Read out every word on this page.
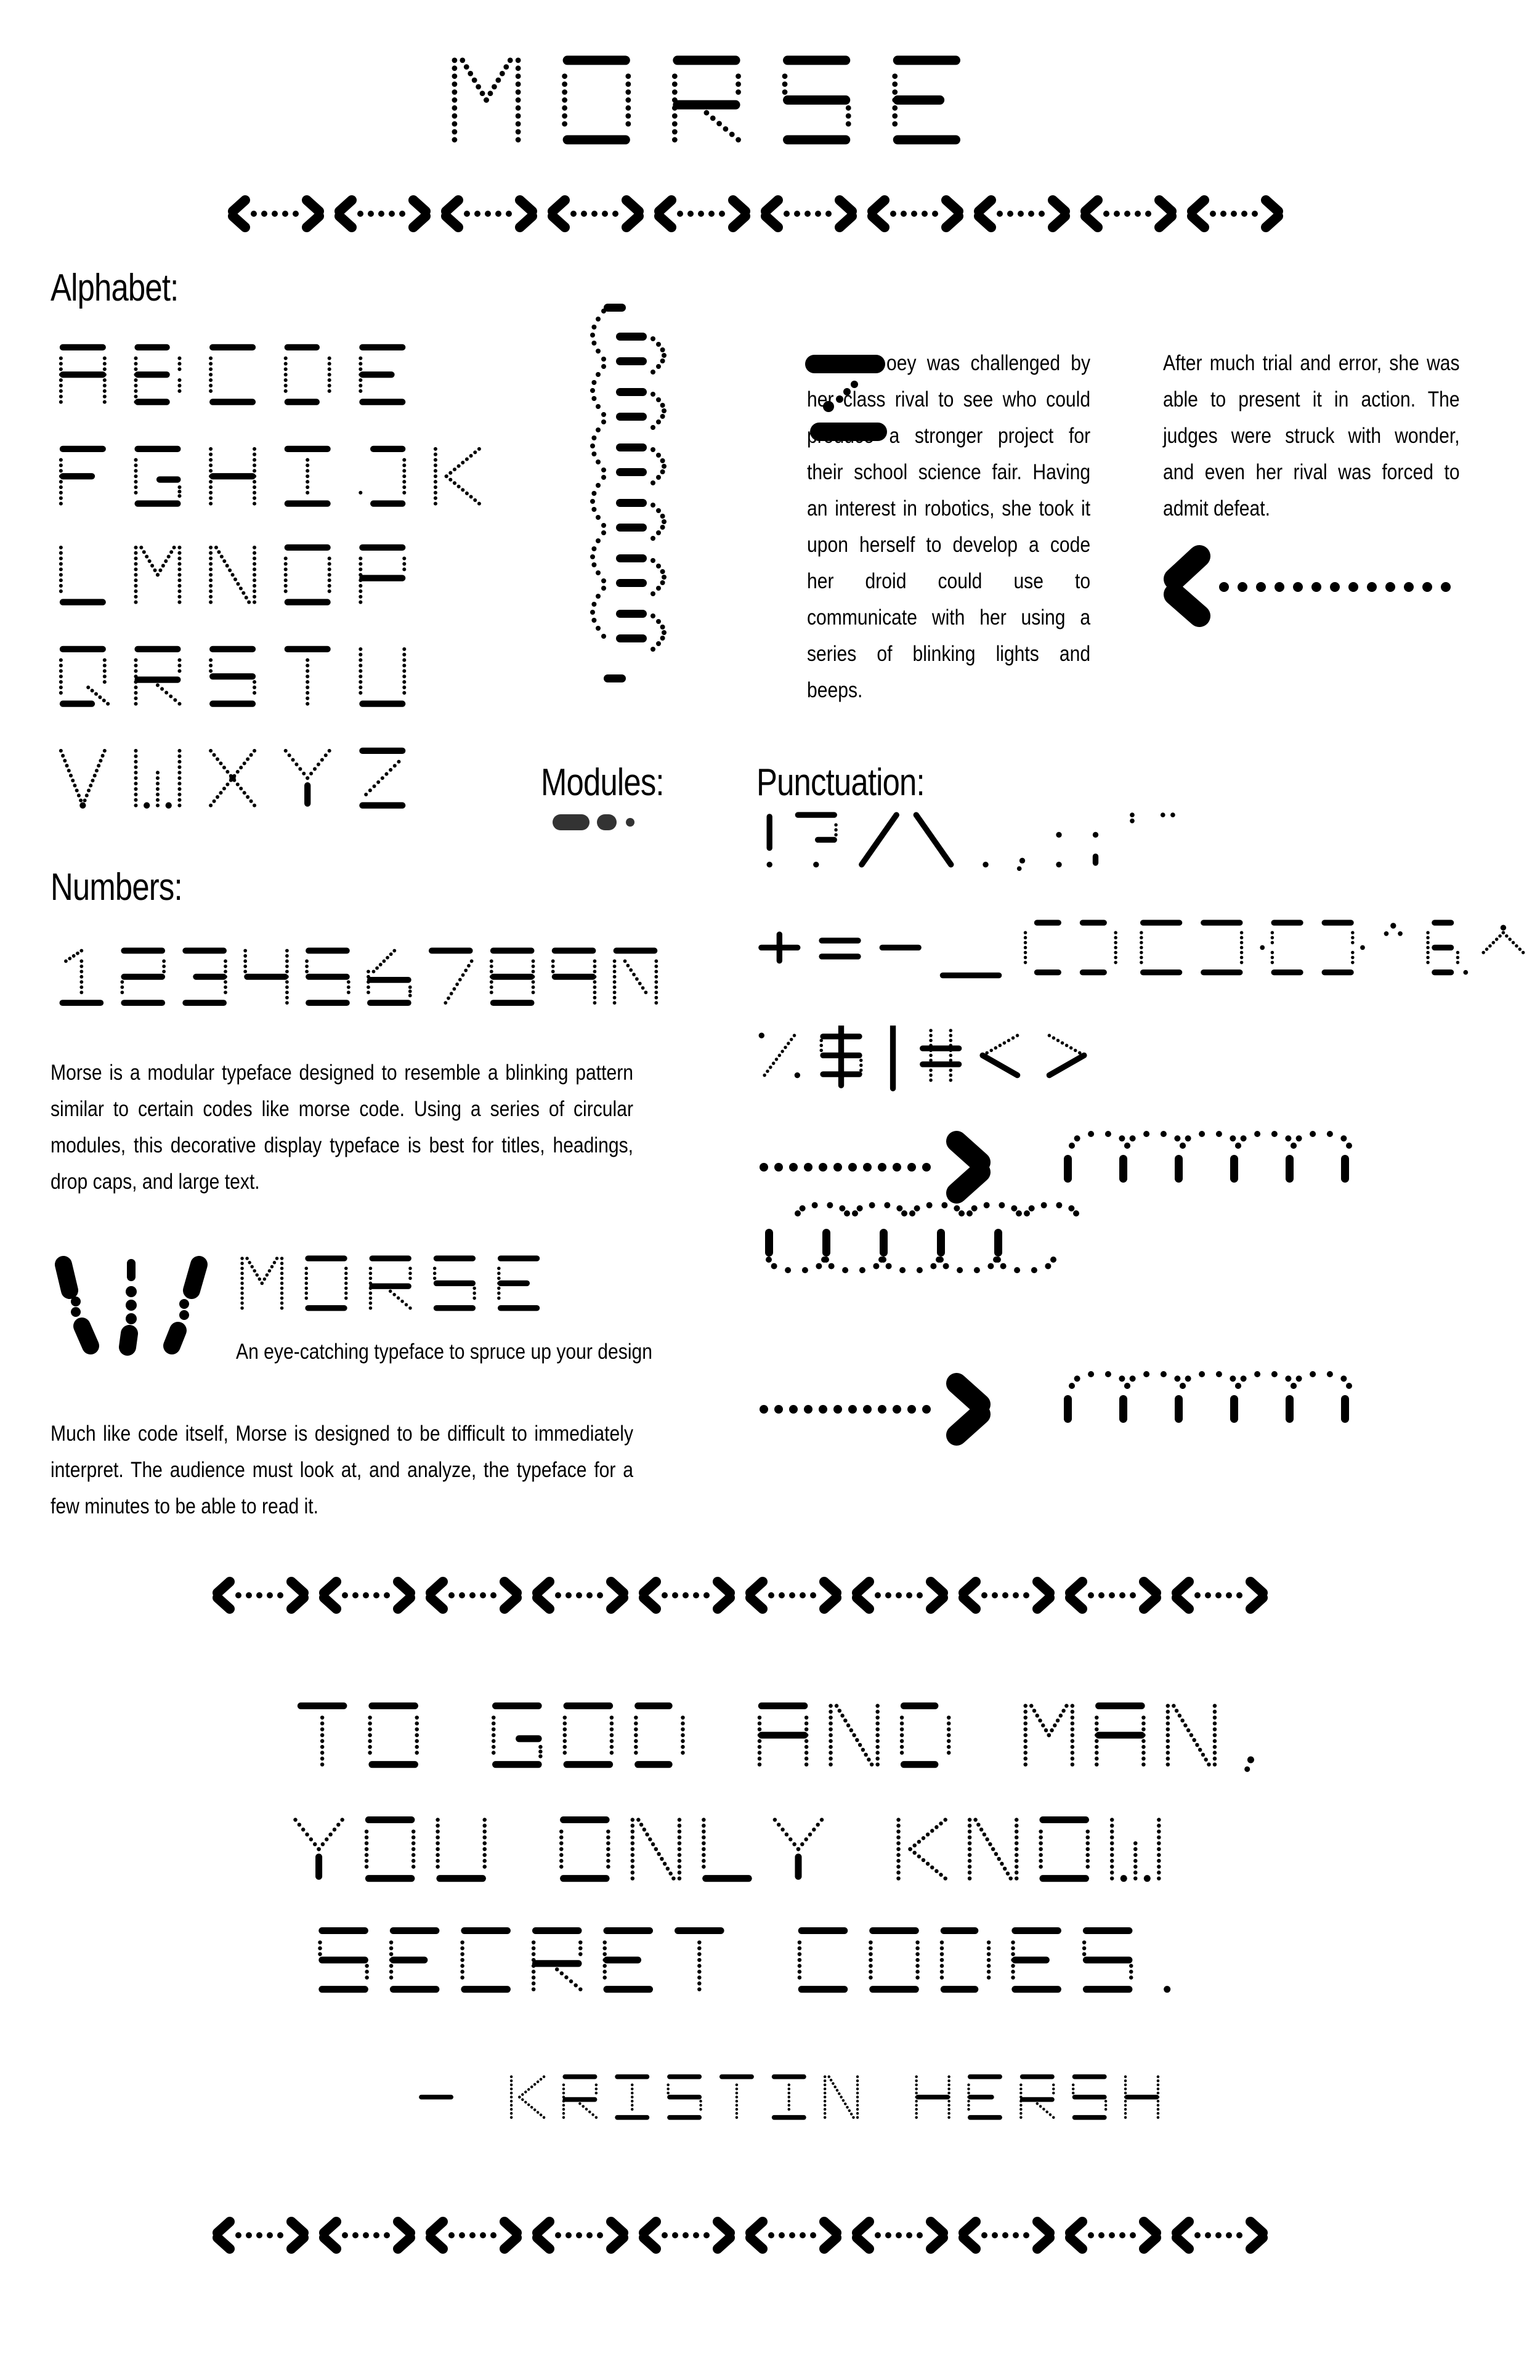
Alphabet:

oey was challenged by her class rival to see who could produce a stronger project for their school science fair. Having an interest in robotics, she took it upon herself to develop a code her droid could use to communicate with her using a series of blinking lights and beeps.

After much trial and error, she was able to present it in action. The judges were struck with wonder, and even her rival was forced to admit defeat.

Modules: Punctuation:
Numbers:

Morse is a modular typeface designed to resemble a blinking pattern similar to certain codes like morse code. Using a series of circular modules, this decorative display typeface is best for titles, headings, drop caps, and large text.

An eye-catching typeface to spruce up your design

Much like code itself, Morse is designed to be difficult to immediately interpret. The audience must look at, and analyze, the typeface for a few minutes to be able to read it.
